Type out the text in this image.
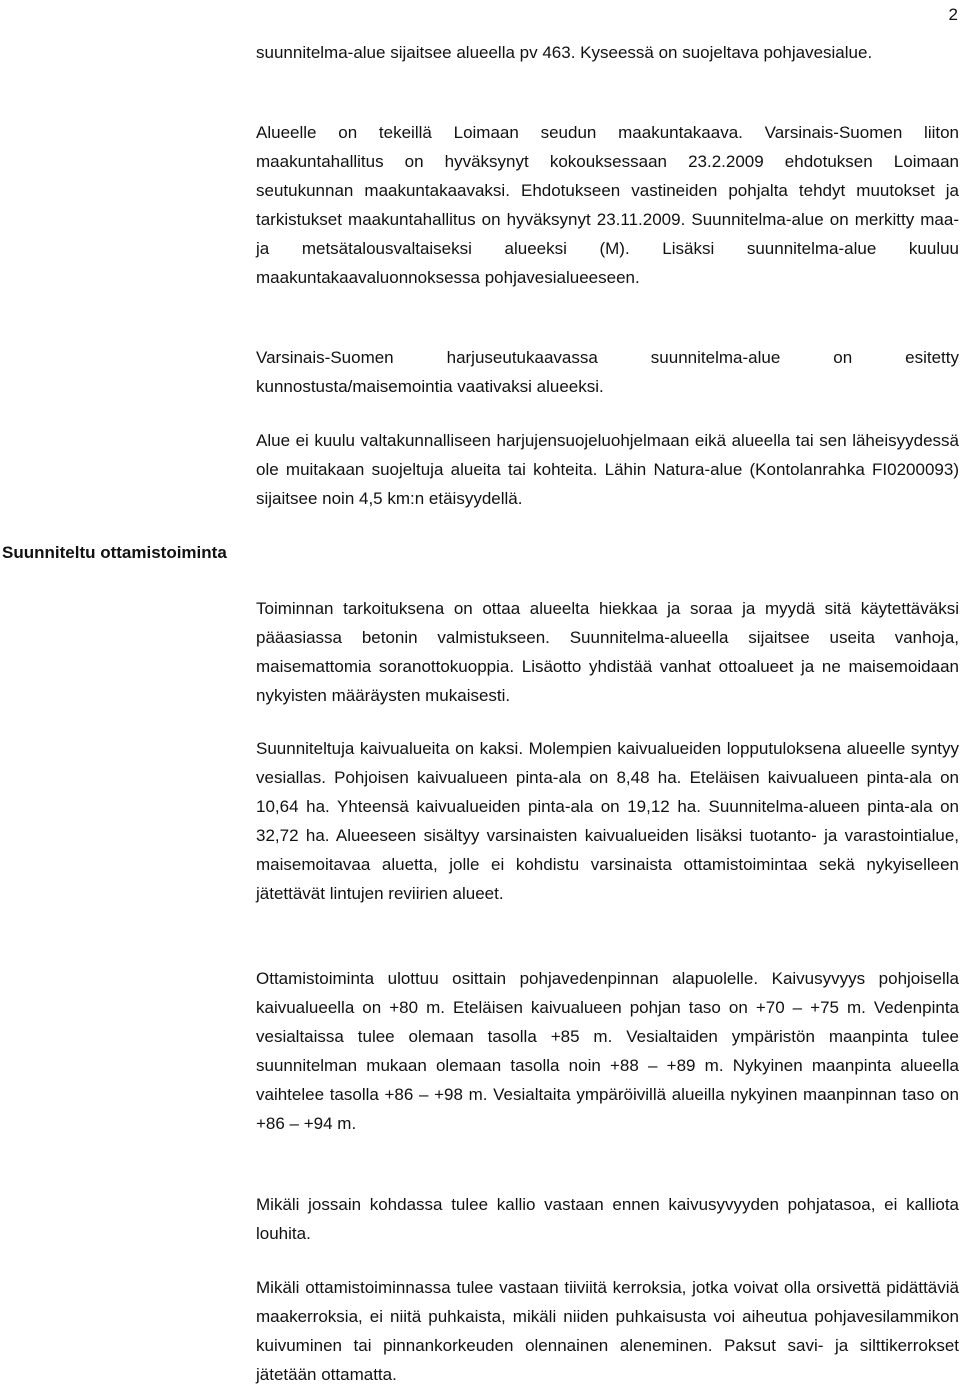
2
Suunniteltu ottamistoiminta

suunnitelma-alue sijaitsee alueella pv 463. Kyseessä on suojeltava pohjavesialue.

Alueelle on tekeillä Loimaan seudun maakuntakaava. Varsinais-Suomen liiton maakuntahallitus on hyväksynyt kokouksessaan 23.2.2009 ehdotuksen Loimaan seutukunnan maakuntakaavaksi. Ehdotukseen vastineiden pohjalta tehdyt muutokset ja tarkistukset maakuntahallitus on hyväksynyt 23.11.2009. Suunnitelma-alue on merkitty maa- ja metsätalousvaltaiseksi alueeksi (M). Lisäksi suunnitelma-alue kuuluu maakuntakaavaluonnoksessa pohjavesialueeseen.

Varsinais-Suomen harjuseutukaavassa suunnitelma-alue on esitetty kunnostusta/maisemointia vaativaksi alueeksi.

Alue ei kuulu valtakunnalliseen harjujensuojeluohjelmaan eikä alueella tai sen läheisyydessä ole muitakaan suojeltuja alueita tai kohteita. Lähin Natura-alue (Kontolanrahka FI0200093) sijaitsee noin 4,5 km:n etäisyydellä.

Toiminnan tarkoituksena on ottaa alueelta hiekkaa ja soraa ja myydä sitä käytettäväksi pääasiassa betonin valmistukseen. Suunnitelma-alueella sijaitsee useita vanhoja, maisemattomia soranottokuoppia. Lisäotto yhdistää vanhat ottoalueet ja ne maisemoidaan nykyisten määräysten mukaisesti.

Suunniteltuja kaivualueita on kaksi. Molempien kaivualueiden lopputuloksena alueelle syntyy vesiallas. Pohjoisen kaivualueen pinta-ala on 8,48 ha. Eteläisen kaivualueen pinta-ala on 10,64 ha. Yhteensä kaivualueiden pinta-ala on 19,12 ha. Suunnitelma-alueen pinta-ala on 32,72 ha. Alueeseen sisältyy varsinaisten kaivualueiden lisäksi tuotanto- ja varastointialue, maisemoitavaa aluetta, jolle ei kohdistu varsinaista ottamistoimintaa sekä nykyiselleen jätettävät lintujen reviirien alueet.

Ottamistoiminta ulottuu osittain pohjavedenpinnan alapuolelle. Kaivusyvyys pohjoisella kaivualueella on +80 m. Eteläisen kaivualueen pohjan taso on +70 – +75 m. Vedenpinta vesialtaissa tulee olemaan tasolla +85 m. Vesialtaiden ympäristön maanpinta tulee suunnitelman mukaan olemaan tasolla noin +88 – +89 m. Nykyinen maanpinta alueella vaihtelee tasolla +86 – +98 m. Vesialtaita ympäröivillä alueilla nykyinen maanpinnan taso on +86 – +94 m.

Mikäli jossain kohdassa tulee kallio vastaan ennen kaivusyvyyden pohjatasoa, ei kalliota louhita.

Mikäli ottamistoiminnassa tulee vastaan tiiviitä kerroksia, jotka voivat olla orsivettä pidättäviä maakerroksia, ei niitä puhkaista, mikäli niiden puhkaisusta voi aiheutua pohjavesilammikon kuivuminen tai pinnankorkeuden olennainen aleneminen. Paksut savi- ja silttikerrokset jätetään ottamatta.
